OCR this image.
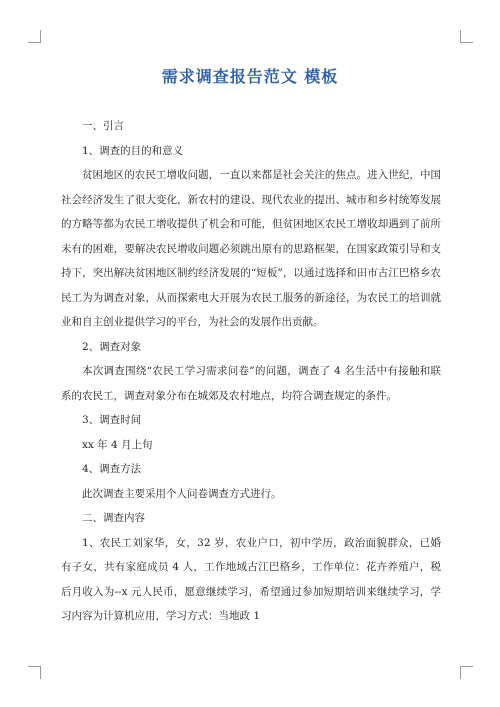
需求调查报告范文 模板

一、引言

1、调查的目的和意义

贫困地区的农民工增收问题，一直以来都是社会关注的焦点。进入世纪，中国社会经济发生了很大变化，新农村的建设、现代农业的提出、城市和乡村统筹发展的方略等都为农民工增收提供了机会和可能，但贫困地区农民工增收却遇到了前所未有的困难，要解决农民增收问题必须跳出原有的思路框架，在国家政策引导和支持下，突出解决贫困地区制约经济发展的“短板”，以通过选择和田市古江巴格乡农民工为为调查对象，从而探索电大开展为农民工服务的新途径，为农民工的培训就业和自主创业提供学习的平台，为社会的发展作出贡献。

2、调查对象

本次调查围绕“农民工学习需求问卷”的问题，调查了 4 名生活中有接触和联系的农民工，调查对象分布在城郊及农村地点，均符合调查规定的条件。

3、调查时间

xx 年 4 月上旬

4、调查方法

此次调查主要采用个人问卷调查方式进行。

二、调查内容

1、农民工刘家华，女，32 岁，农业户口，初中学历，政治面貌群众，已婚有子女，共有家庭成员 4 人，工作地域古江巴格乡，工作单位：花卉养殖户，税后月收入为--x 元人民币，愿意继续学习，希望通过参加短期培训来继续学习，学习内容为计算机应用，学习方式：当地政 1
